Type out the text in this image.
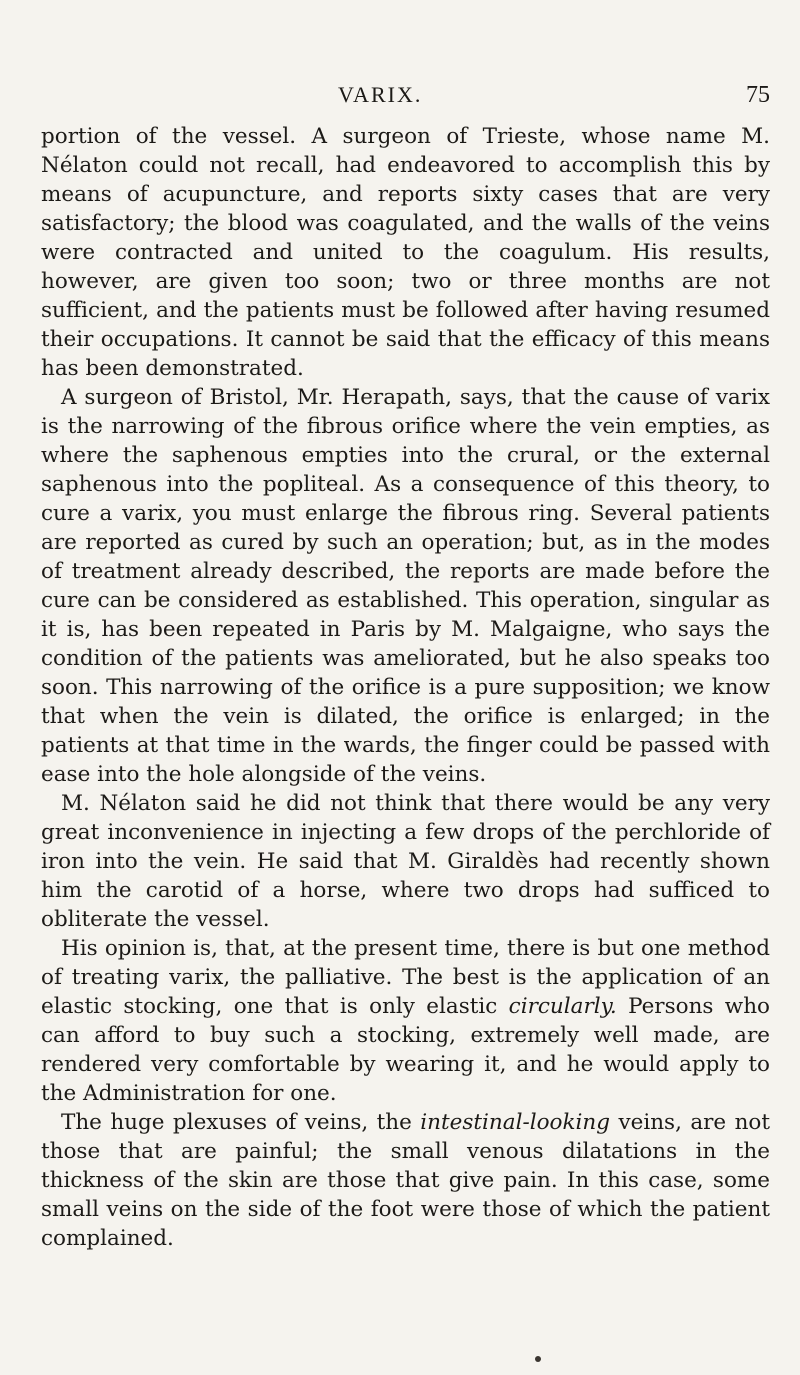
VARIX.	75

portion of the vessel. A surgeon of Trieste, whose name M. Nélaton could not recall, had endeavored to accomplish this by means of acupuncture, and reports sixty cases that are very satisfactory; the blood was coagulated, and the walls of the veins were contracted and united to the coagulum. His results, however, are given too soon; two or three months are not sufficient, and the patients must be followed after having resumed their occupations. It cannot be said that the efficacy of this means has been demonstrated.

A surgeon of Bristol, Mr. Herapath, says, that the cause of varix is the narrowing of the fibrous orifice where the vein empties, as where the saphenous empties into the crural, or the external saphenous into the popliteal. As a consequence of this theory, to cure a varix, you must enlarge the fibrous ring. Several patients are reported as cured by such an operation; but, as in the modes of treatment already described, the reports are made before the cure can be considered as established. This operation, singular as it is, has been repeated in Paris by M. Malgaigne, who says the condition of the patients was ameliorated, but he also speaks too soon. This narrowing of the orifice is a pure supposition; we know that when the vein is dilated, the orifice is enlarged; in the patients at that time in the wards, the finger could be passed with ease into the hole alongside of the veins.

M. Nélaton said he did not think that there would be any very great inconvenience in injecting a few drops of the perchloride of iron into the vein. He said that M. Giraldès had recently shown him the carotid of a horse, where two drops had sufficed to obliterate the vessel.

His opinion is, that, at the present time, there is but one method of treating varix, the palliative. The best is the application of an elastic stocking, one that is only elastic circularly. Persons who can afford to buy such a stocking, extremely well made, are rendered very comfortable by wearing it, and he would apply to the Administration for one.

The huge plexuses of veins, the intestinal-looking veins, are not those that are painful; the small venous dilatations in the thickness of the skin are those that give pain. In this case, some small veins on the side of the foot were those of which the patient complained.
